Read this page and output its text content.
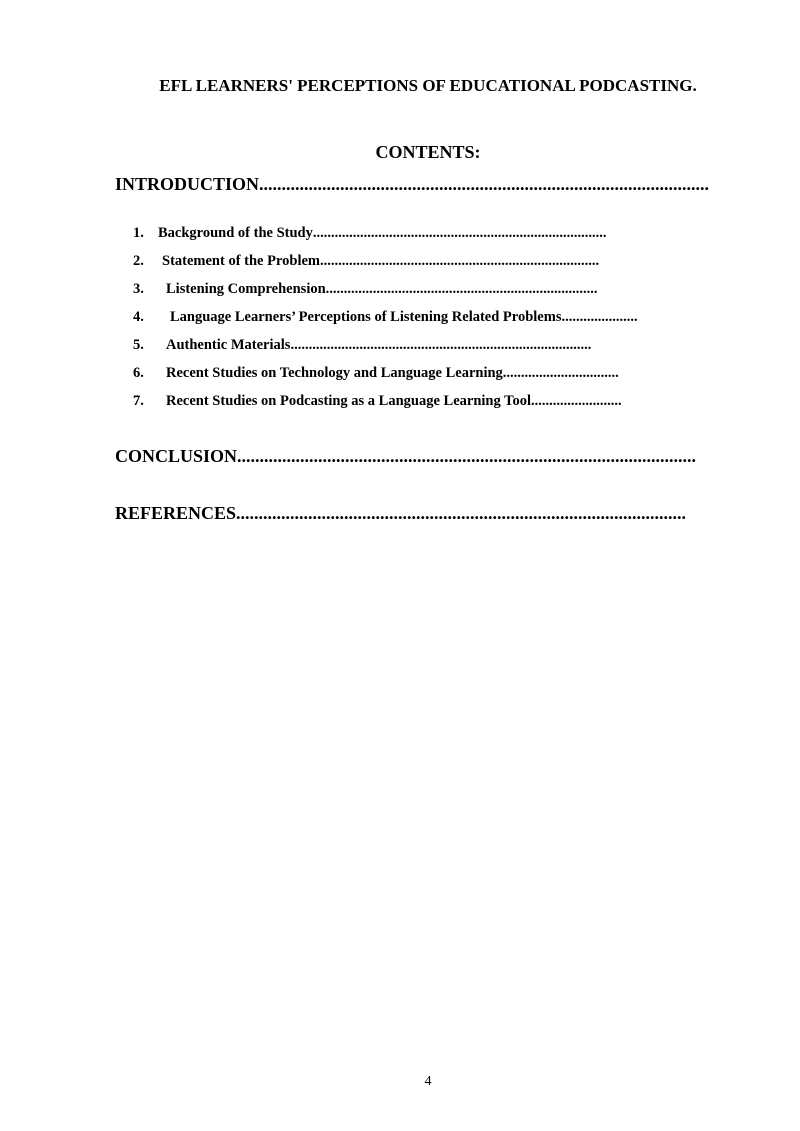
EFL LEARNERS' PERCEPTIONS OF EDUCATIONAL PODCASTING.
CONTENTS:
INTRODUCTION....................................................................................................
1. Background of the Study .................................................................................
2.	Statement of the Problem .............................................................................
3.	Listening Comprehension ...........................................................................
4.	Language Learners’ Perceptions of Listening Related Problems .....................
5.	Authentic Materials ...................................................................................
6.	Recent Studies on Technology and Language Learning ................................
7.	Recent Studies on Podcasting as a Language Learning Tool .........................
CONCLUSION......................................................................................................
REFERENCES....................................................................................................
4
